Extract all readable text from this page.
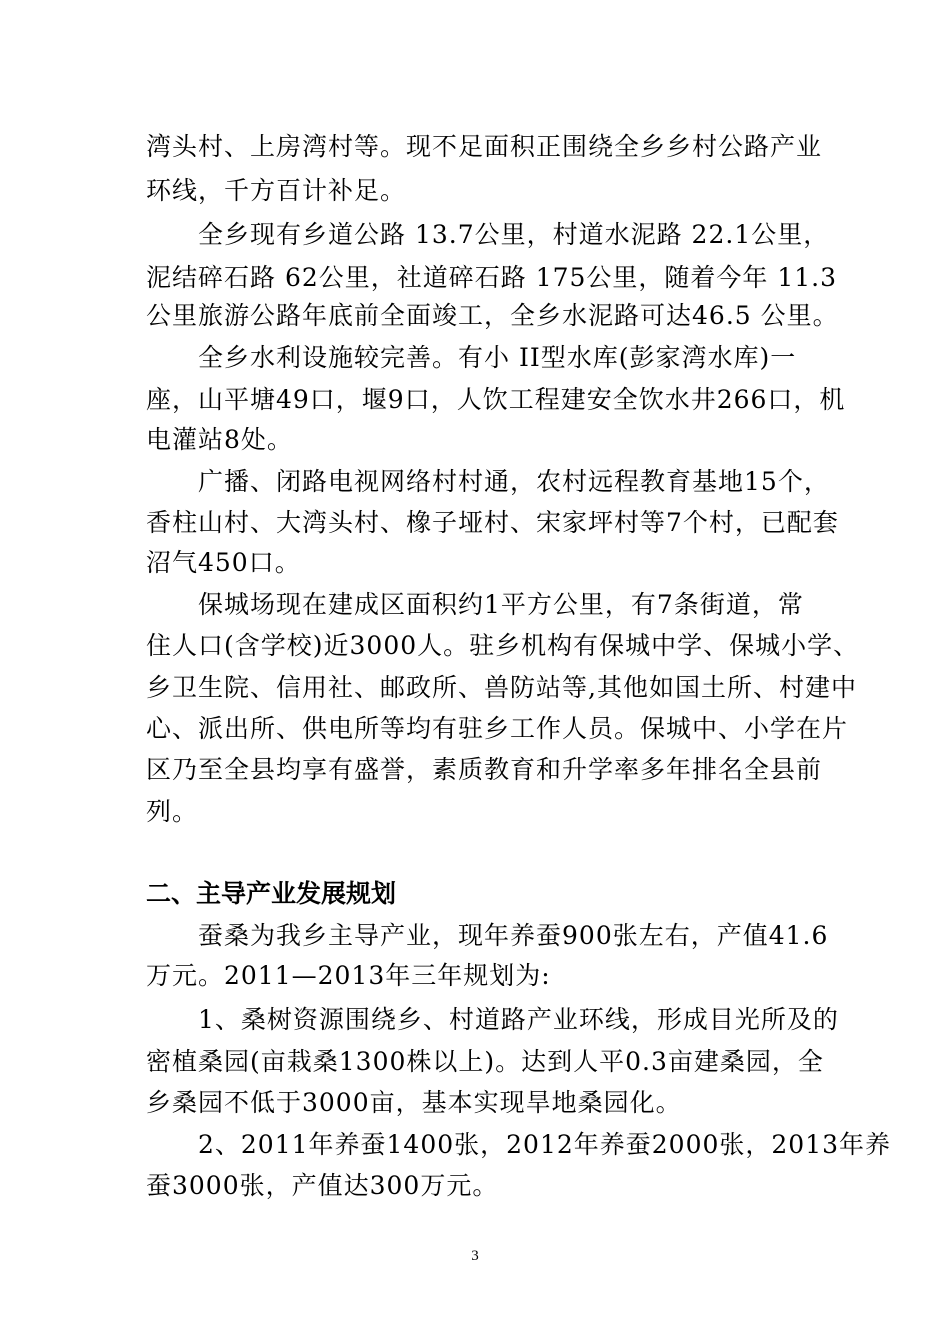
湾头村、上房湾村等。现不足面积正围绕全乡乡村公路产业
环线，千方百计补足。
全乡现有乡道公路 13.7公里，村道水泥路 22.1公里，
泥结碎石路 62公里，社道碎石路 175公里，随着今年 11.3
公里旅游公路年底前全面竣工，全乡水泥路可达46.5 公里。
全乡水利设施较完善。有小 II型水库(彭家湾水库)一
座，山平塘49口，堰9口，人饮工程建安全饮水井266口，机
电灌站8处。
广播、闭路电视网络村村通，农村远程教育基地15个，
香柱山村、大湾头村、橡子垭村、宋家坪村等7个村，已配套
沼气450口。
保城场现在建成区面积约1平方公里，有7条街道，常
住人口(含学校)近3000人。驻乡机构有保城中学、保城小学、
乡卫生院、信用社、邮政所、兽防站等,其他如国土所、村建中
心、派出所、供电所等均有驻乡工作人员。保城中、小学在片
区乃至全县均享有盛誉，素质教育和升学率多年排名全县前
列。
二、主导产业发展规划
蚕桑为我乡主导产业，现年养蚕900张左右，产值41.6
万元。2011—2013年三年规划为:
1、桑树资源围绕乡、村道路产业环线，形成目光所及的
密植桑园(亩栽桑1300株以上)。达到人平0.3亩建桑园，全
乡桑园不低于3000亩，基本实现旱地桑园化。
2、2011年养蚕1400张，2012年养蚕2000张，2013年养
蚕3000张，产值达300万元。
3
